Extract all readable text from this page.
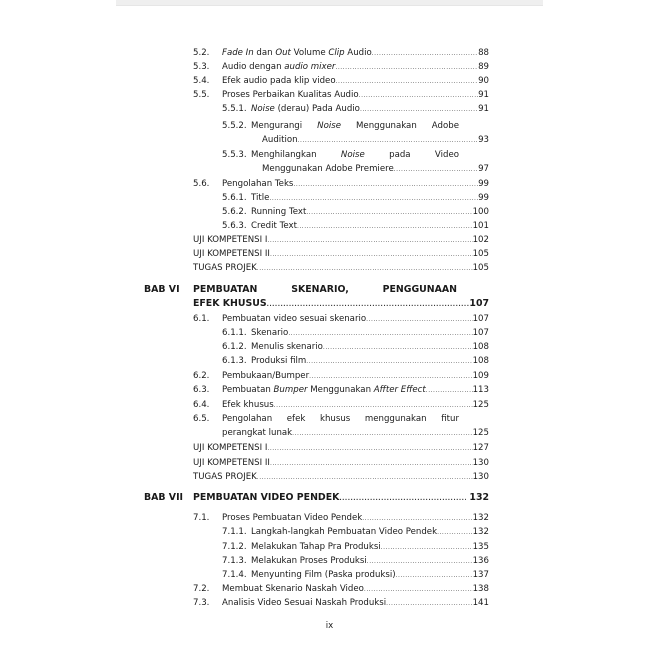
5.2. Fade In dan Out Volume Clip Audio .....	88
5.3. Audio dengan audio mixer .....	89
5.4. Efek audio pada klip video .....	90
5.5. Proses Perbaikan Kualitas Audio .....	91
5.5.1. Noise (derau) Pada Audio .....	91
5.5.2. Mengurangi Noise Menggunakan Adobe
Audition .....	93
5.5.3. Menghilangkan	Noise	pada	Video
Menggunakan Adobe Premiere .....	97
5.6. Pengolahan Teks .....	99
5.6.1. Title .....	99
5.6.2. Running Text .....	100
5.6.3. Credit Text .....	101
UJI KOMPETENSI I .....	102
UJI KOMPETENSI II .....	105
TUGAS PROJEK .....	105
BAB VI PEMBUATAN	SKENARIO,	PENGGUNAAN
EFEK KHUSUS .....	107
6.1. Pembuatan video sesuai skenario .....	107
6.1.1. Skenario .....	107
6.1.2. Menulis skenario .....	108
6.1.3. Produksi film .....	108
6.2. Pembukaan/Bumper .....	109
6.3. Pembuatan Bumper Menggunakan Affter Effect .....	113
6.4. Efek khusus .....	125
6.5. Pengolahan efek khusus menggunakan fitur
perangkat lunak .....	125
UJI KOMPETENSI I .....	127
UJI KOMPETENSI II .....	130
TUGAS PROJEK .....	130
BAB VII PEMBUATAN VIDEO PENDEK .....	132
7.1. Proses Pembuatan Video Pendek .....	132
7.1.1. Langkah-langkah Pembuatan Video Pendek .....	132
7.1.2. Melakukan Tahap Pra Produksi .....	135
7.1.3. Melakukan Proses Produksi .....	136
7.1.4. Menyunting Film (Paska produksi) .....	137
7.2. Membuat Skenario Naskah Video .....	138
7.3. Analisis Video Sesuai Naskah Produksi .....	141
ix
